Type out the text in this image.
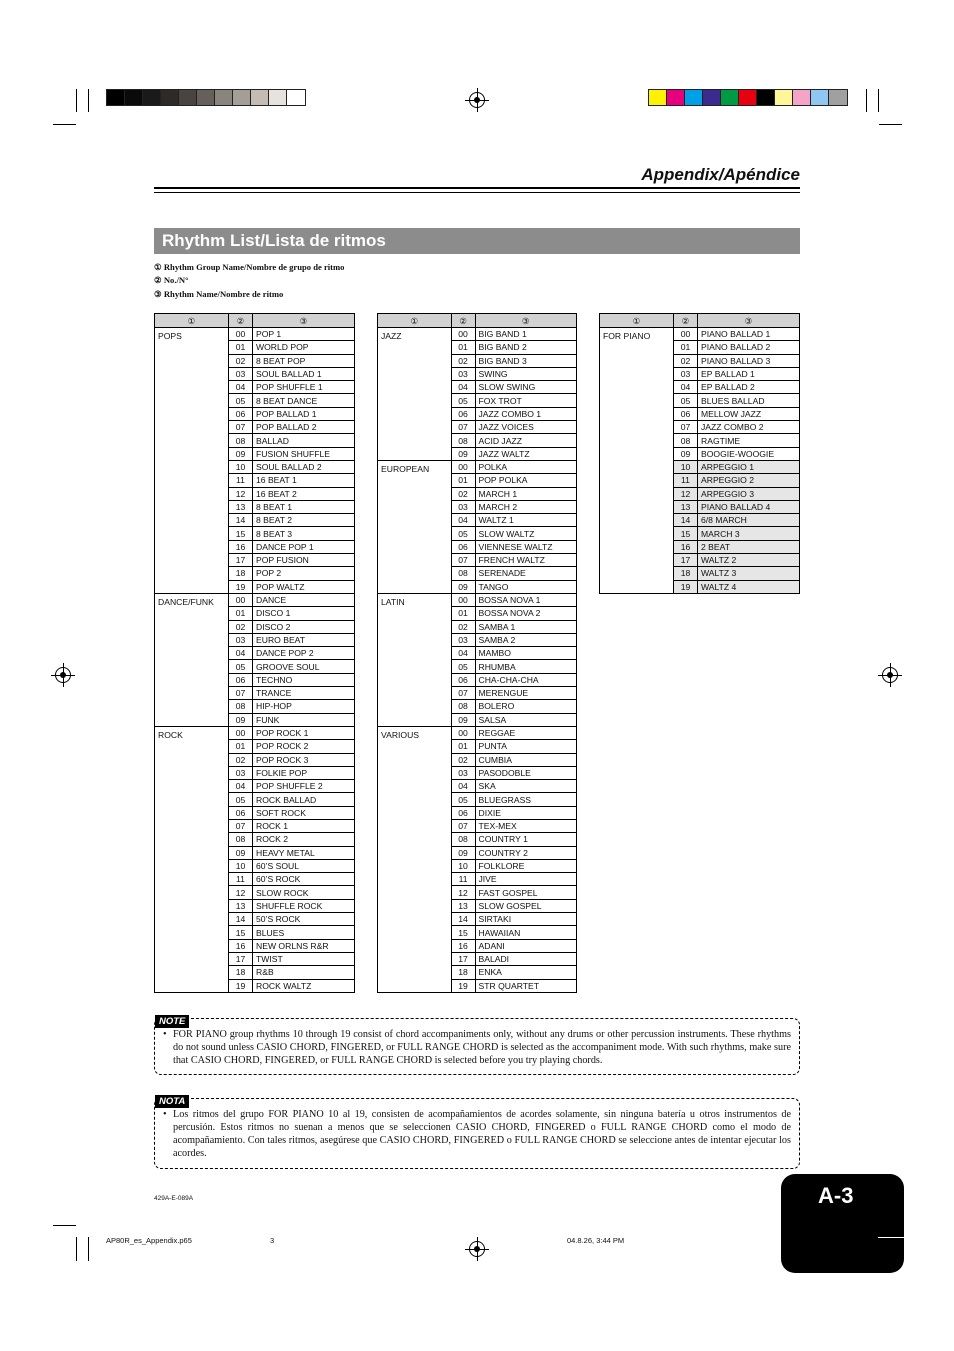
Appendix/Apéndice
Rhythm List/Lista de ritmos
① Rhythm Group Name/Nombre de grupo de ritmo
② No./N°
③ Rhythm Name/Nombre de ritmo
①	②	③
POPS	00	POP 1
	01	WORLD POP
	02	8 BEAT POP
	03	SOUL BALLAD 1
	04	POP SHUFFLE 1
	05	8 BEAT DANCE
	06	POP BALLAD 1
	07	POP BALLAD 2
	08	BALLAD
	09	FUSION SHUFFLE
	10	SOUL BALLAD 2
	11	16 BEAT 1
	12	16 BEAT 2
	13	8 BEAT 1
	14	8 BEAT 2
	15	8 BEAT 3
	16	DANCE POP 1
	17	POP FUSION
	18	POP 2
	19	POP WALTZ
DANCE/FUNK	00	DANCE
	01	DISCO 1
	02	DISCO 2
	03	EURO BEAT
	04	DANCE POP 2
	05	GROOVE SOUL
	06	TECHNO
	07	TRANCE
	08	HIP-HOP
	09	FUNK
ROCK	00	POP ROCK 1
	01	POP ROCK 2
	02	POP ROCK 3
	03	FOLKIE POP
	04	POP SHUFFLE 2
	05	ROCK BALLAD
	06	SOFT ROCK
	07	ROCK 1
	08	ROCK 2
	09	HEAVY METAL
	10	60’S SOUL
	11	60’S ROCK
	12	SLOW ROCK
	13	SHUFFLE ROCK
	14	50’S ROCK
	15	BLUES
	16	NEW ORLNS R&R
	17	TWIST
	18	R&B
	19	ROCK WALTZ
①	②	③
JAZZ	00	BIG BAND 1
	01	BIG BAND 2
	02	BIG BAND 3
	03	SWING
	04	SLOW SWING
	05	FOX TROT
	06	JAZZ COMBO 1
	07	JAZZ VOICES
	08	ACID JAZZ
	09	JAZZ WALTZ
EUROPEAN	00	POLKA
	01	POP POLKA
	02	MARCH 1
	03	MARCH 2
	04	WALTZ 1
	05	SLOW WALTZ
	06	VIENNESE WALTZ
	07	FRENCH WALTZ
	08	SERENADE
	09	TANGO
LATIN	00	BOSSA NOVA 1
	01	BOSSA NOVA 2
	02	SAMBA 1
	03	SAMBA 2
	04	MAMBO
	05	RHUMBA
	06	CHA-CHA-CHA
	07	MERENGUE
	08	BOLERO
	09	SALSA
VARIOUS	00	REGGAE
	01	PUNTA
	02	CUMBIA
	03	PASODOBLE
	04	SKA
	05	BLUEGRASS
	06	DIXIE
	07	TEX-MEX
	08	COUNTRY 1
	09	COUNTRY 2
	10	FOLKLORE
	11	JIVE
	12	FAST GOSPEL
	13	SLOW GOSPEL
	14	SIRTAKI
	15	HAWAIIAN
	16	ADANI
	17	BALADI
	18	ENKA
	19	STR QUARTET
①	②	③
FOR PIANO	00	PIANO BALLAD 1
	01	PIANO BALLAD 2
	02	PIANO BALLAD 3
	03	EP BALLAD 1
	04	EP BALLAD 2
	05	BLUES BALLAD
	06	MELLOW JAZZ
	07	JAZZ COMBO 2
	08	RAGTIME
	09	BOOGIE-WOOGIE
	10	ARPEGGIO 1
	11	ARPEGGIO 2
	12	ARPEGGIO 3
	13	PIANO BALLAD 4
	14	6/8 MARCH
	15	MARCH 3
	16	2 BEAT
	17	WALTZ 2
	18	WALTZ 3
	19	WALTZ 4
NOTE
• FOR PIANO group rhythms 10 through 19 consist of chord accompaniments only, without any drums or other percussion instruments. These rhythms do not sound unless CASIO CHORD, FINGERED, or FULL RANGE CHORD is selected as the accompaniment mode. With such rhythms, make sure that CASIO CHORD, FINGERED, or FULL RANGE CHORD is selected before you try playing chords.
NOTA
• Los ritmos del grupo FOR PIANO 10 al 19, consisten de acompañamientos de acordes solamente, sin ninguna batería u otros instrumentos de percusión. Estos ritmos no suenan a menos que se seleccionen CASIO CHORD, FINGERED o FULL RANGE CHORD como el modo de acompañamiento. Con tales ritmos, asegúrese que CASIO CHORD, FINGERED o FULL RANGE CHORD se seleccione antes de intentar ejecutar los acordes.
429A-E-089A	A-3
AP80R_es_Appendix.p65	3	04.8.26, 3:44 PM
